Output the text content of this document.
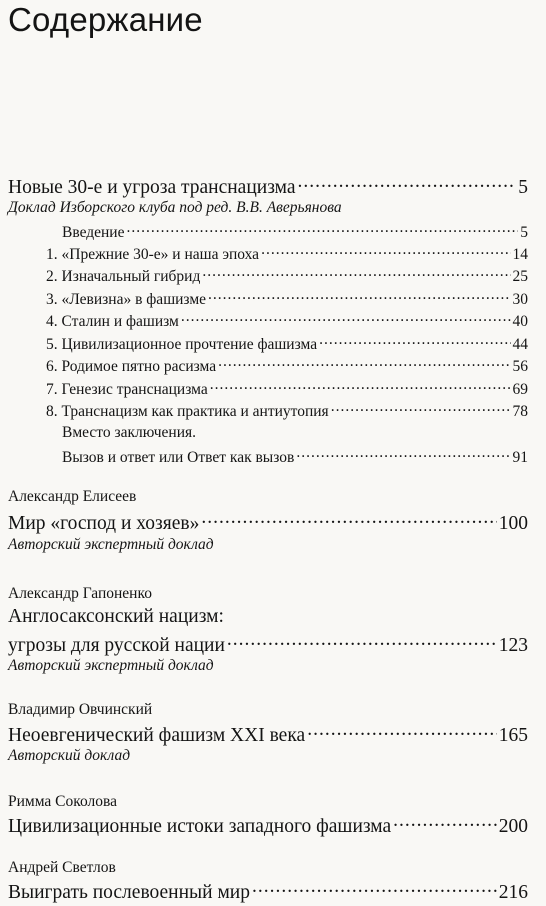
Содержание
Новые 30-е и угроза транснацизма .....	5
Доклад Изборского клуба под ред. В.В. Аверьянова
Введение .....	5
1. «Прежние 30-е» и наша эпоха .....	14
2. Изначальный гибрид .....	25
3. «Левизна» в фашизме .....	30
4. Сталин и фашизм .....	40
5. Цивилизационное прочтение фашизма .....	44
6. Родимое пятно расизма .....	56
7. Генезис транснацизма .....	69
8. Транснацизм как практика и антиутопия .....	78
Вместо заключения.
Вызов и ответ или Ответ как вызов .....	91
Александр Елисеев
Мир «господ и хозяев» .....	100
Авторский экспертный доклад
Александр Гапоненко
Англосаксонский нацизм:
угрозы для русской нации .....	123
Авторский экспертный доклад
Владимир Овчинский
Неоевгенический фашизм XXI века .....	165
Авторский доклад
Римма Соколова
Цивилизационные истоки западного фашизма .....	200
Андрей Светлов
Выиграть послевоенный мир .....	216
